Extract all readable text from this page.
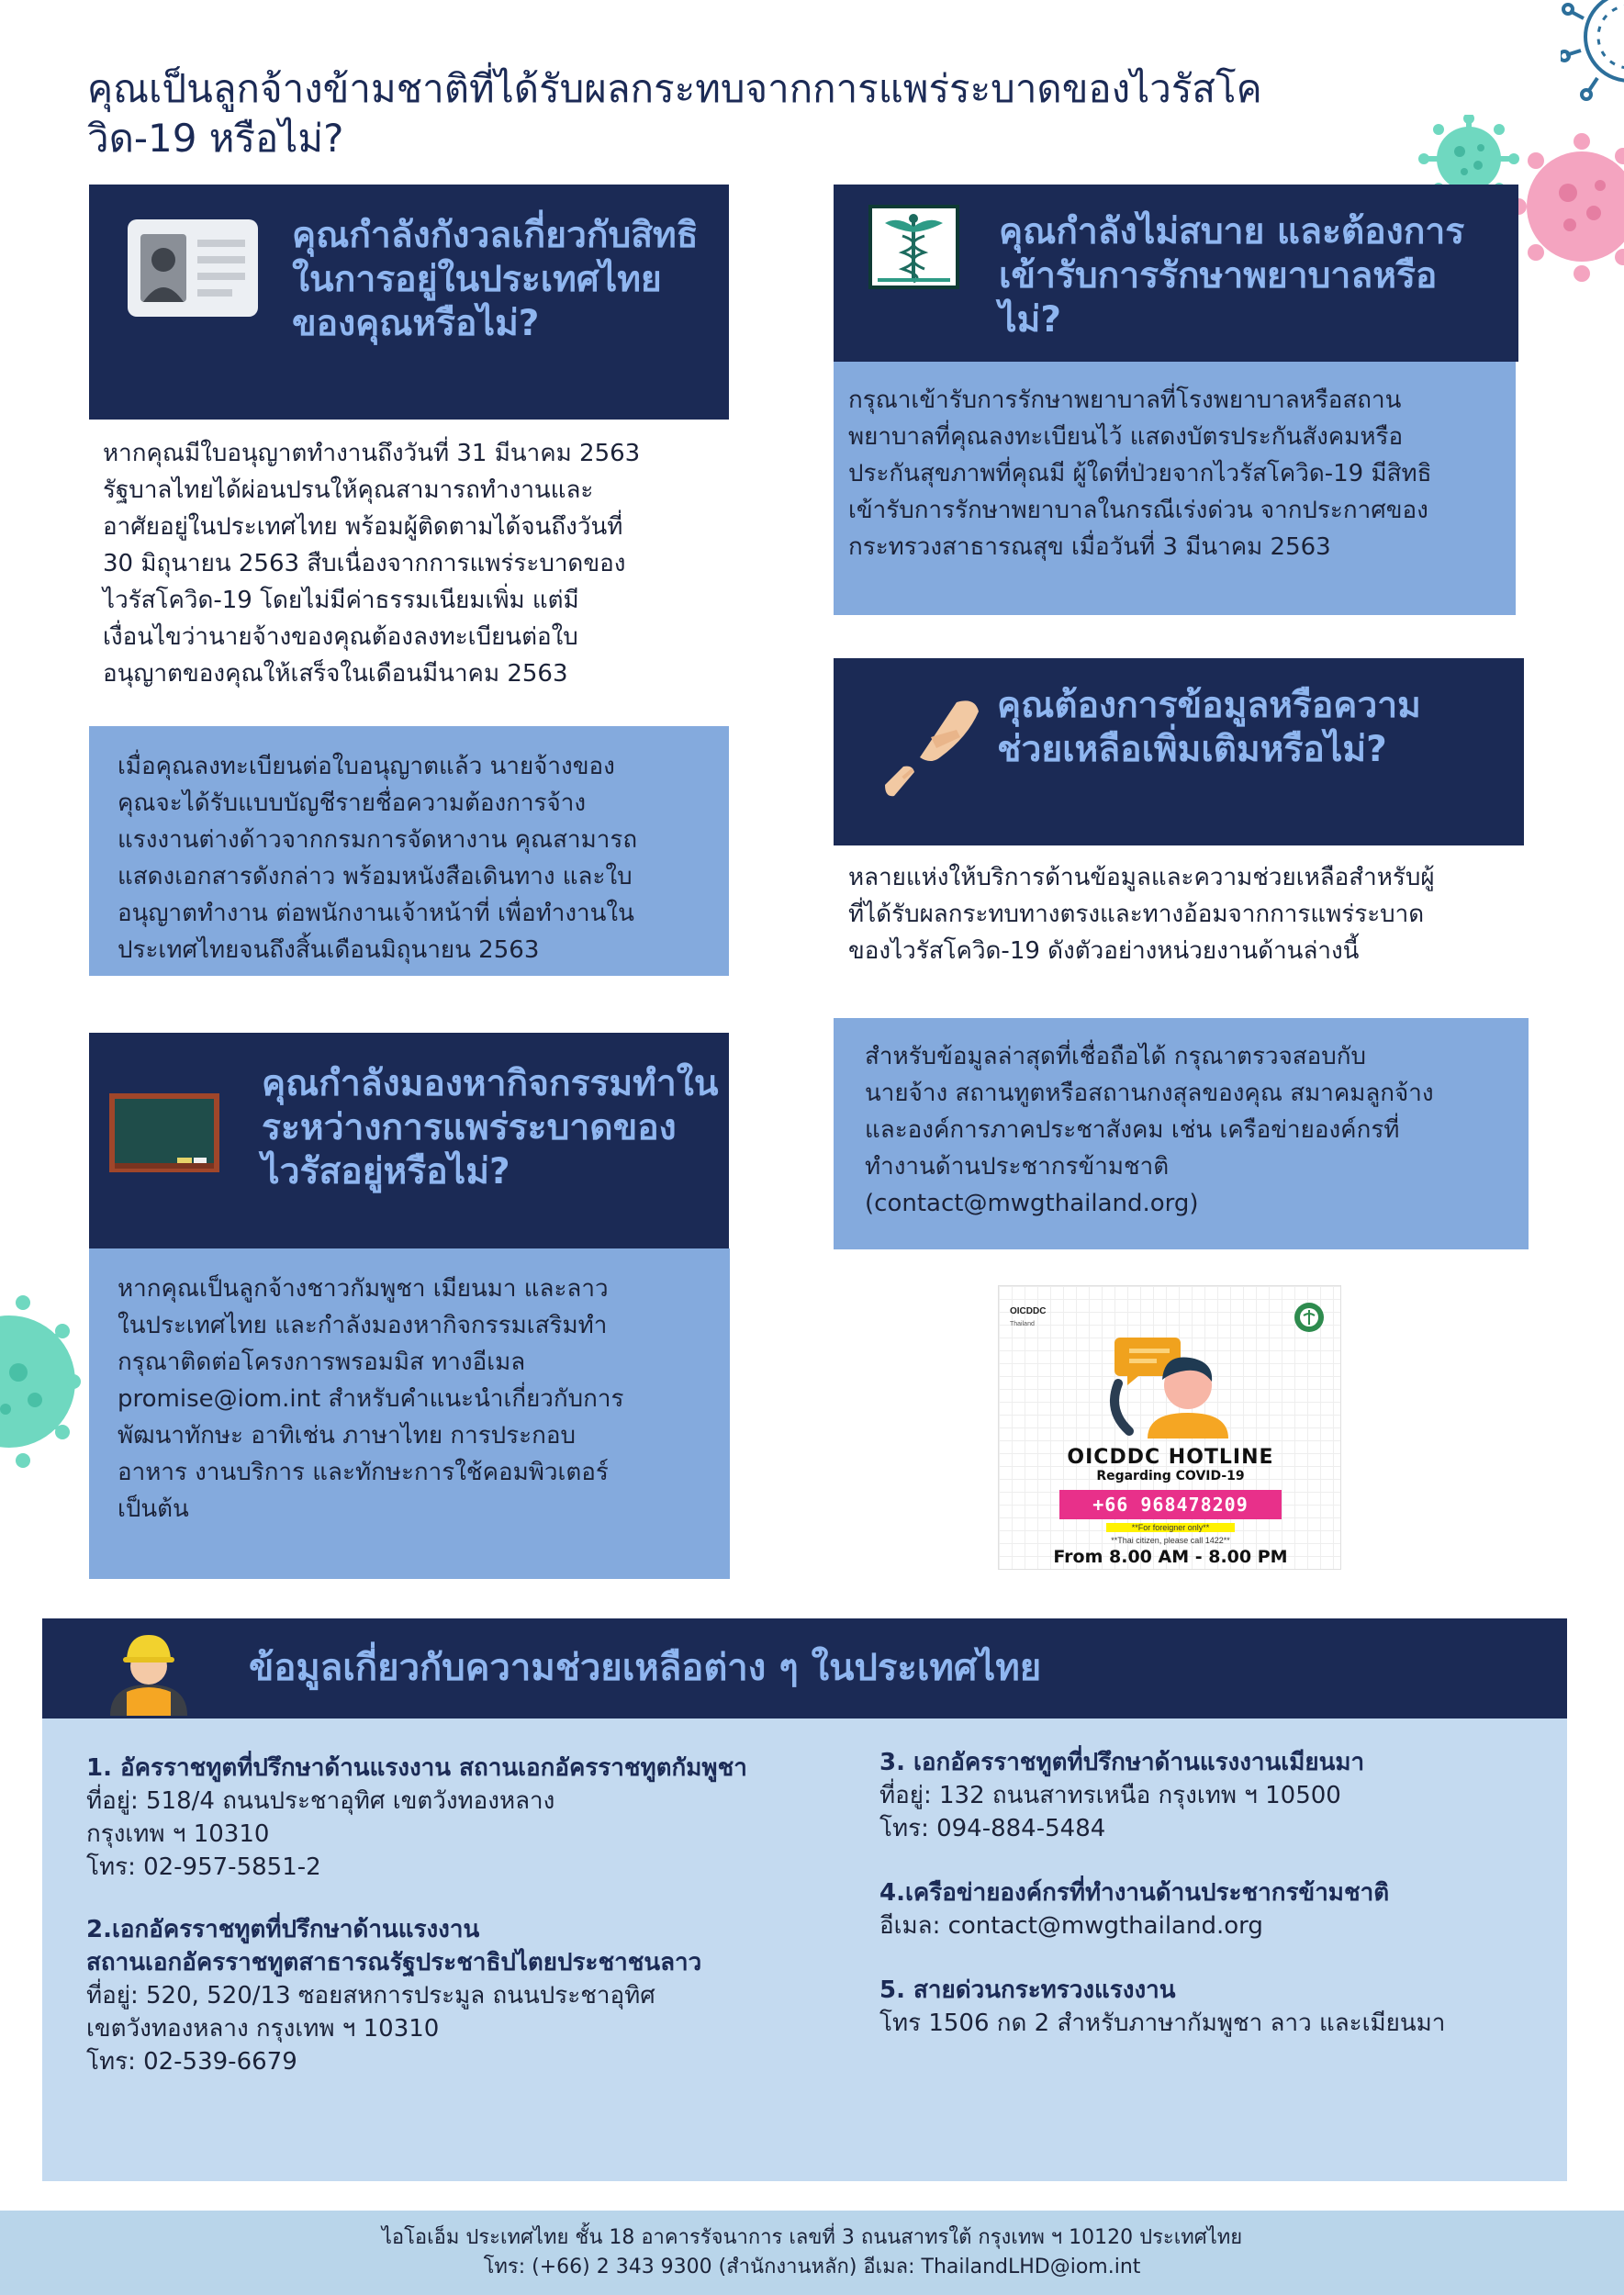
คุณเป็นลูกจ้างข้ามชาติที่ได้รับผลกระทบจากการแพร่ระบาดของไวรัสโควิด-19 หรือไม่?
คุณกำลังกังวลเกี่ยวกับสิทธิในการอยู่ในประเทศไทยของคุณหรือไม่?

หากคุณมีใบอนุญาตทำงานถึงวันที่ 31 มีนาคม 2563
รัฐบาลไทยได้ผ่อนปรนให้คุณสามารถทำงานและ
อาศัยอยู่ในประเทศไทย พร้อมผู้ติดตามได้จนถึงวันที่
30 มิถุนายน 2563 สืบเนื่องจากการแพร่ระบาดของ
ไวรัสโควิด-19 โดยไม่มีค่าธรรมเนียมเพิ่ม แต่มี
เงื่อนไขว่านายจ้างของคุณต้องลงทะเบียนต่อใบ
อนุญาตของคุณให้เสร็จในเดือนมีนาคม 2563

เมื่อคุณลงทะเบียนต่อใบอนุญาตแล้ว นายจ้างของ
คุณจะได้รับแบบบัญชีรายชื่อความต้องการจ้าง
แรงงานต่างด้าวจากกรมการจัดหางาน คุณสามารถ
แสดงเอกสารดังกล่าว พร้อมหนังสือเดินทาง และใบ
อนุญาตทำงาน ต่อพนักงานเจ้าหน้าที่ เพื่อทำงานใน
ประเทศไทยจนถึงสิ้นเดือนมิถุนายน 2563

คุณกำลังมองหากิจกรรมทำในระหว่างการแพร่ระบาดของไวรัสอยู่หรือไม่?

หากคุณเป็นลูกจ้างชาวกัมพูชา เมียนมา และลาว
ในประเทศไทย และกำลังมองหากิจกรรมเสริมทำ
กรุณาติดต่อโครงการพรอมมิส ทางอีเมล
promise@iom.int สำหรับคำแนะนำเกี่ยวกับการ
พัฒนาทักษะ อาทิเช่น ภาษาไทย การประกอบ
อาหาร งานบริการ และทักษะการใช้คอมพิวเตอร์
เป็นต้น

คุณกำลังไม่สบาย และต้องการเข้ารับการรักษาพยาบาลหรือไม่?

กรุณาเข้ารับการรักษาพยาบาลที่โรงพยาบาลหรือสถาน
พยาบาลที่คุณลงทะเบียนไว้ แสดงบัตรประกันสังคมหรือ
ประกันสุขภาพที่คุณมี ผู้ใดที่ป่วยจากไวรัสโควิด-19 มีสิทธิ
เข้ารับการรักษาพยาบาลในกรณีเร่งด่วน จากประกาศของ
กระทรวงสาธารณสุข เมื่อวันที่ 3 มีนาคม 2563

คุณต้องการข้อมูลหรือความช่วยเหลือเพิ่มเติมหรือไม่?

หลายแห่งให้บริการด้านข้อมูลและความช่วยเหลือสำหรับผู้
ที่ได้รับผลกระทบทางตรงและทางอ้อมจากการแพร่ระบาด
ของไวรัสโควิด-19 ดังตัวอย่างหน่วยงานด้านล่างนี้

สำหรับข้อมูลล่าสุดที่เชื่อถือได้ กรุณาตรวจสอบกับ
นายจ้าง สถานทูตหรือสถานกงสุลของคุณ สมาคมลูกจ้าง
และองค์การภาคประชาสังคม เช่น เครือข่ายองค์กรที่
ทำงานด้านประชากรข้ามชาติ
(contact@mwgthailand.org)

OICDDC
Thailand
OICDDC HOTLINE
Regarding COVID-19
+66 968478209
**For foreigner only**
**Thai citizen, please call 1422**
From 8.00 AM - 8.00 PM
ข้อมูลเกี่ยวกับความช่วยเหลือต่าง ๆ ในประเทศไทย
1. อัครราชทูตที่ปรึกษาด้านแรงงาน สถานเอกอัครราชทูตกัมพูชา

ที่อยู่: 518/4 ถนนประชาอุทิศ เขตวังทองหลาง
กรุงเทพ ฯ 10310
โทร: 02-957-5851-2

2.เอกอัครราชทูตที่ปรึกษาด้านแรงงาน
สถานเอกอัครราชทูตสาธารณรัฐประชาธิปไตยประชาชนลาว

ที่อยู่: 520, 520/13 ซอยสหการประมูล ถนนประชาอุทิศ
เขตวังทองหลาง กรุงเทพ ฯ 10310
โทร: 02-539-6679

3. เอกอัครราชทูตที่ปรึกษาด้านแรงงานเมียนมา

ที่อยู่: 132 ถนนสาทรเหนือ กรุงเทพ ฯ 10500
โทร: 094-884-5484

4.เครือข่ายองค์กรที่ทำงานด้านประชากรข้ามชาติ

อีเมล: contact@mwgthailand.org

5. สายด่วนกระทรวงแรงงาน

โทร 1506 กด 2 สำหรับภาษากัมพูชา ลาว และเมียนมา

ไอโอเอ็ม ประเทศไทย ชั้น 18 อาคารรัจนาการ เลขที่ 3 ถนนสาทรใต้ กรุงเทพ ฯ 10120 ประเทศไทย

โทร: (+66) 2 343 9300 (สำนักงานหลัก) อีเมล: ThailandLHD@iom.int
